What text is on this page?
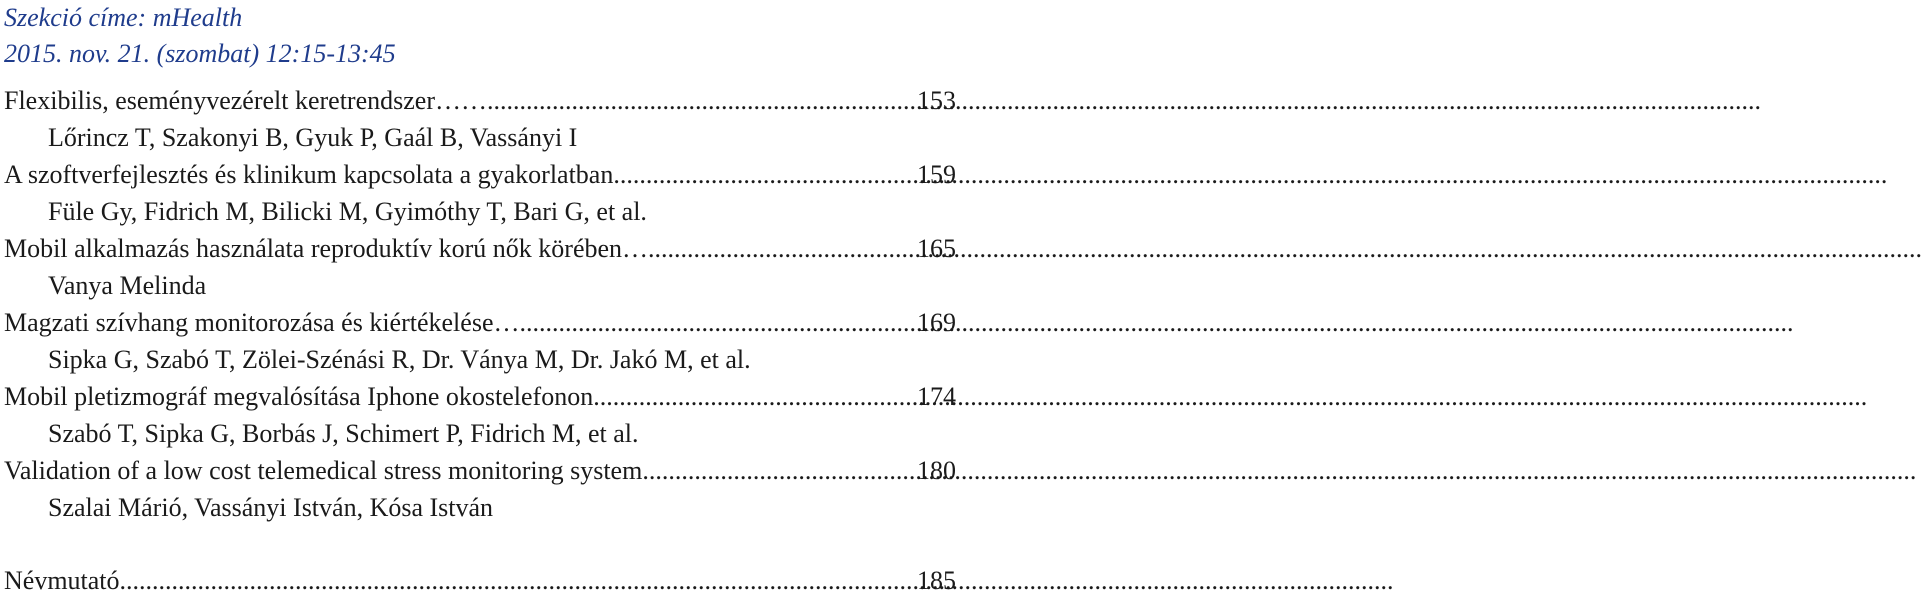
Szekció címe: mHealth

2015. nov. 21. (szombat) 12:15-13:45

Flexibilis, eseményvezérelt keretrendszer…… .....	153
Lőrincz T, Szakonyi B, Gyuk P, Gaál B, Vassányi I
A szoftverfejlesztés és klinikum kapcsolata a gyakorlatban .....	159
Füle Gy, Fidrich M, Bilicki M, Gyimóthy T, Bari G, et al.
Mobil alkalmazás használata reproduktív korú nők körében… .....	165
Vanya Melinda
Magzati szívhang monitorozása és kiértékelése… .....	169
Sipka G, Szabó T, Zölei-Szénási R, Dr. Ványa M, Dr. Jakó M, et al.
Mobil pletizmográf megvalósítása Iphone okostelefonon .....	174
Szabó T, Sipka G, Borbás J, Schimert P, Fidrich M, et al.
Validation of a low cost telemedical stress monitoring system .....	180
Szalai Márió, Vassányi István, Kósa István
Névmutató .....	185
